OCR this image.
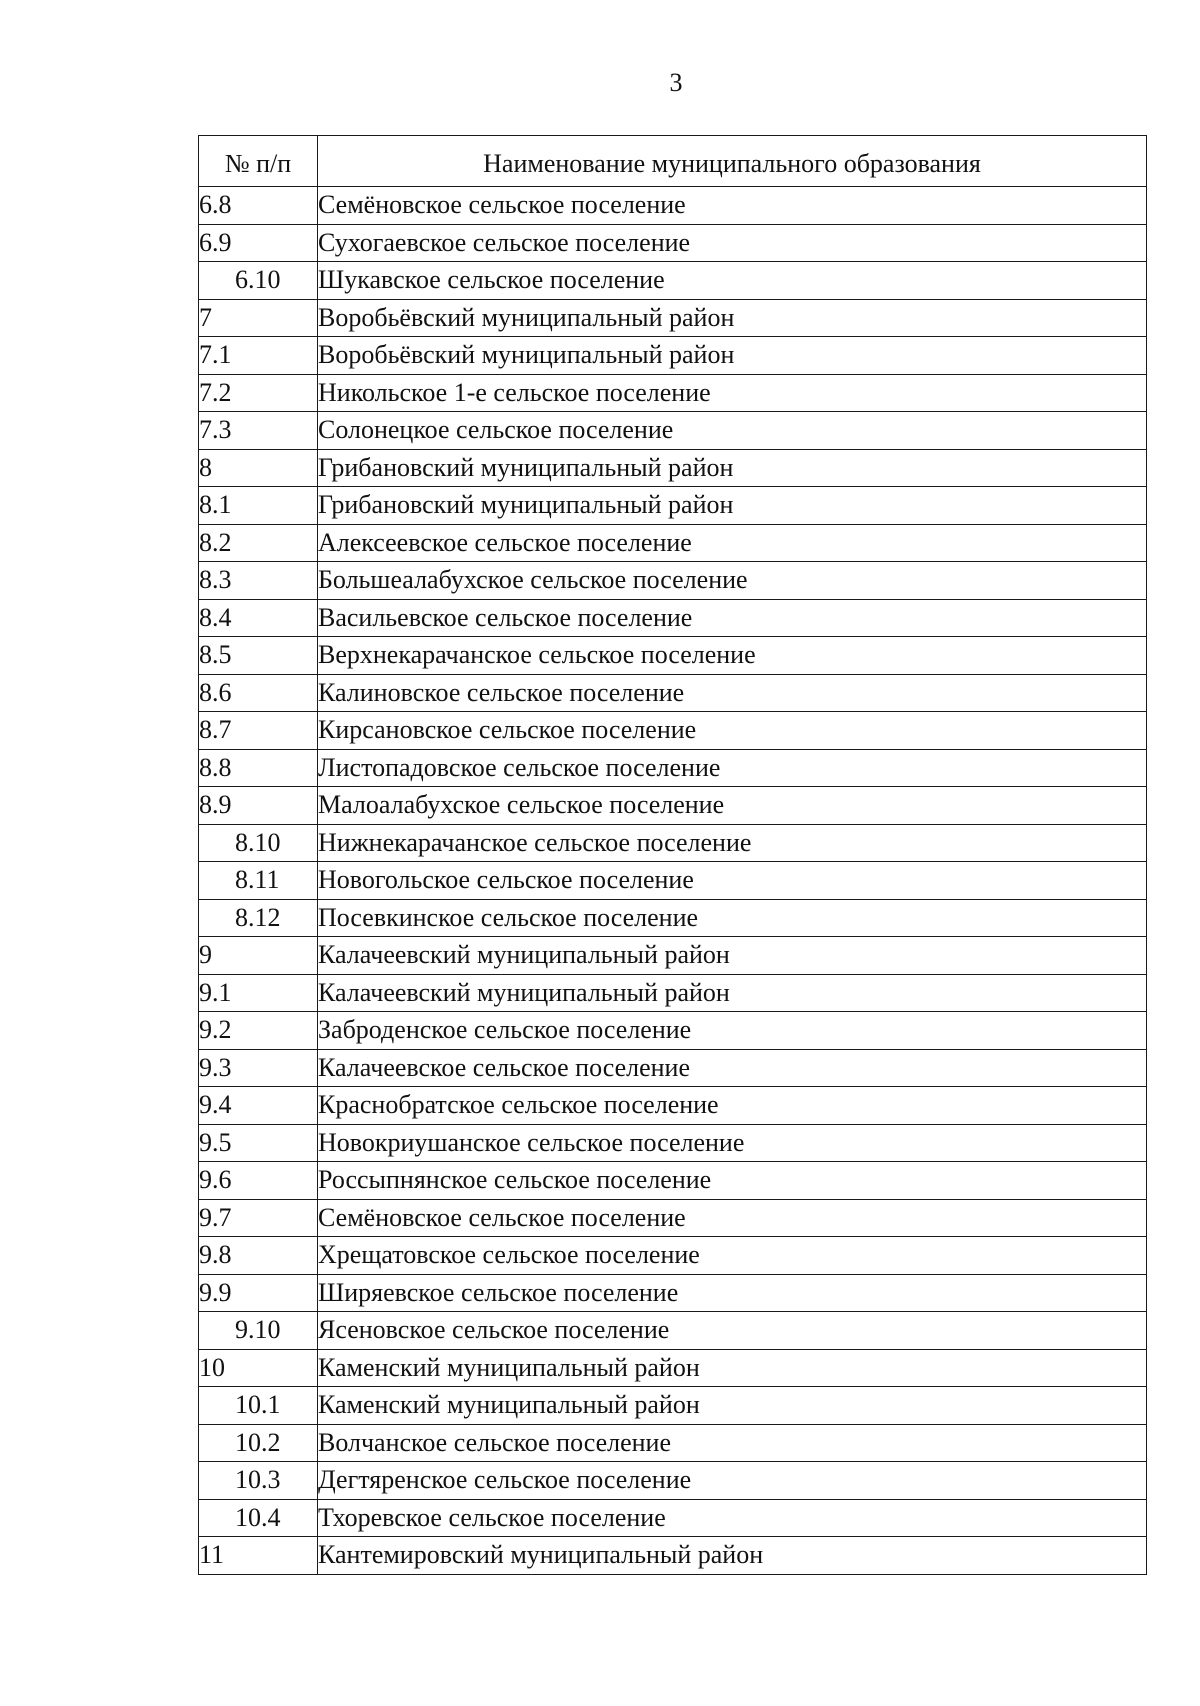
3
№ п/п	Наименование муниципального образования
6.8	Семёновское сельское поселение
6.9	Сухогаевское сельское поселение
6.10	Шукавское сельское поселение
7	Воробьёвский муниципальный район
7.1	Воробьёвский муниципальный район
7.2	Никольское 1-е сельское поселение
7.3	Солонецкое сельское поселение
8	Грибановский муниципальный район
8.1	Грибановский муниципальный район
8.2	Алексеевское сельское поселение
8.3	Большеалабухское сельское поселение
8.4	Васильевское сельское поселение
8.5	Верхнекарачанское сельское поселение
8.6	Калиновское сельское поселение
8.7	Кирсановское сельское поселение
8.8	Листопадовское сельское поселение
8.9	Малоалабухское сельское поселение
8.10	Нижнекарачанское сельское поселение
8.11	Новогольское сельское поселение
8.12	Посевкинское сельское поселение
9	Калачеевский муниципальный район
9.1	Калачеевский муниципальный район
9.2	Заброденское сельское поселение
9.3	Калачеевское сельское поселение
9.4	Краснобратское сельское поселение
9.5	Новокриушанское сельское поселение
9.6	Россыпнянское сельское поселение
9.7	Семёновское сельское поселение
9.8	Хрещатовское сельское поселение
9.9	Ширяевское сельское поселение
9.10	Ясеновское сельское поселение
10	Каменский муниципальный район
10.1	Каменский муниципальный район
10.2	Волчанское сельское поселение
10.3	Дегтяренское сельское поселение
10.4	Тхоревское сельское поселение
11	Кантемировский муниципальный район
